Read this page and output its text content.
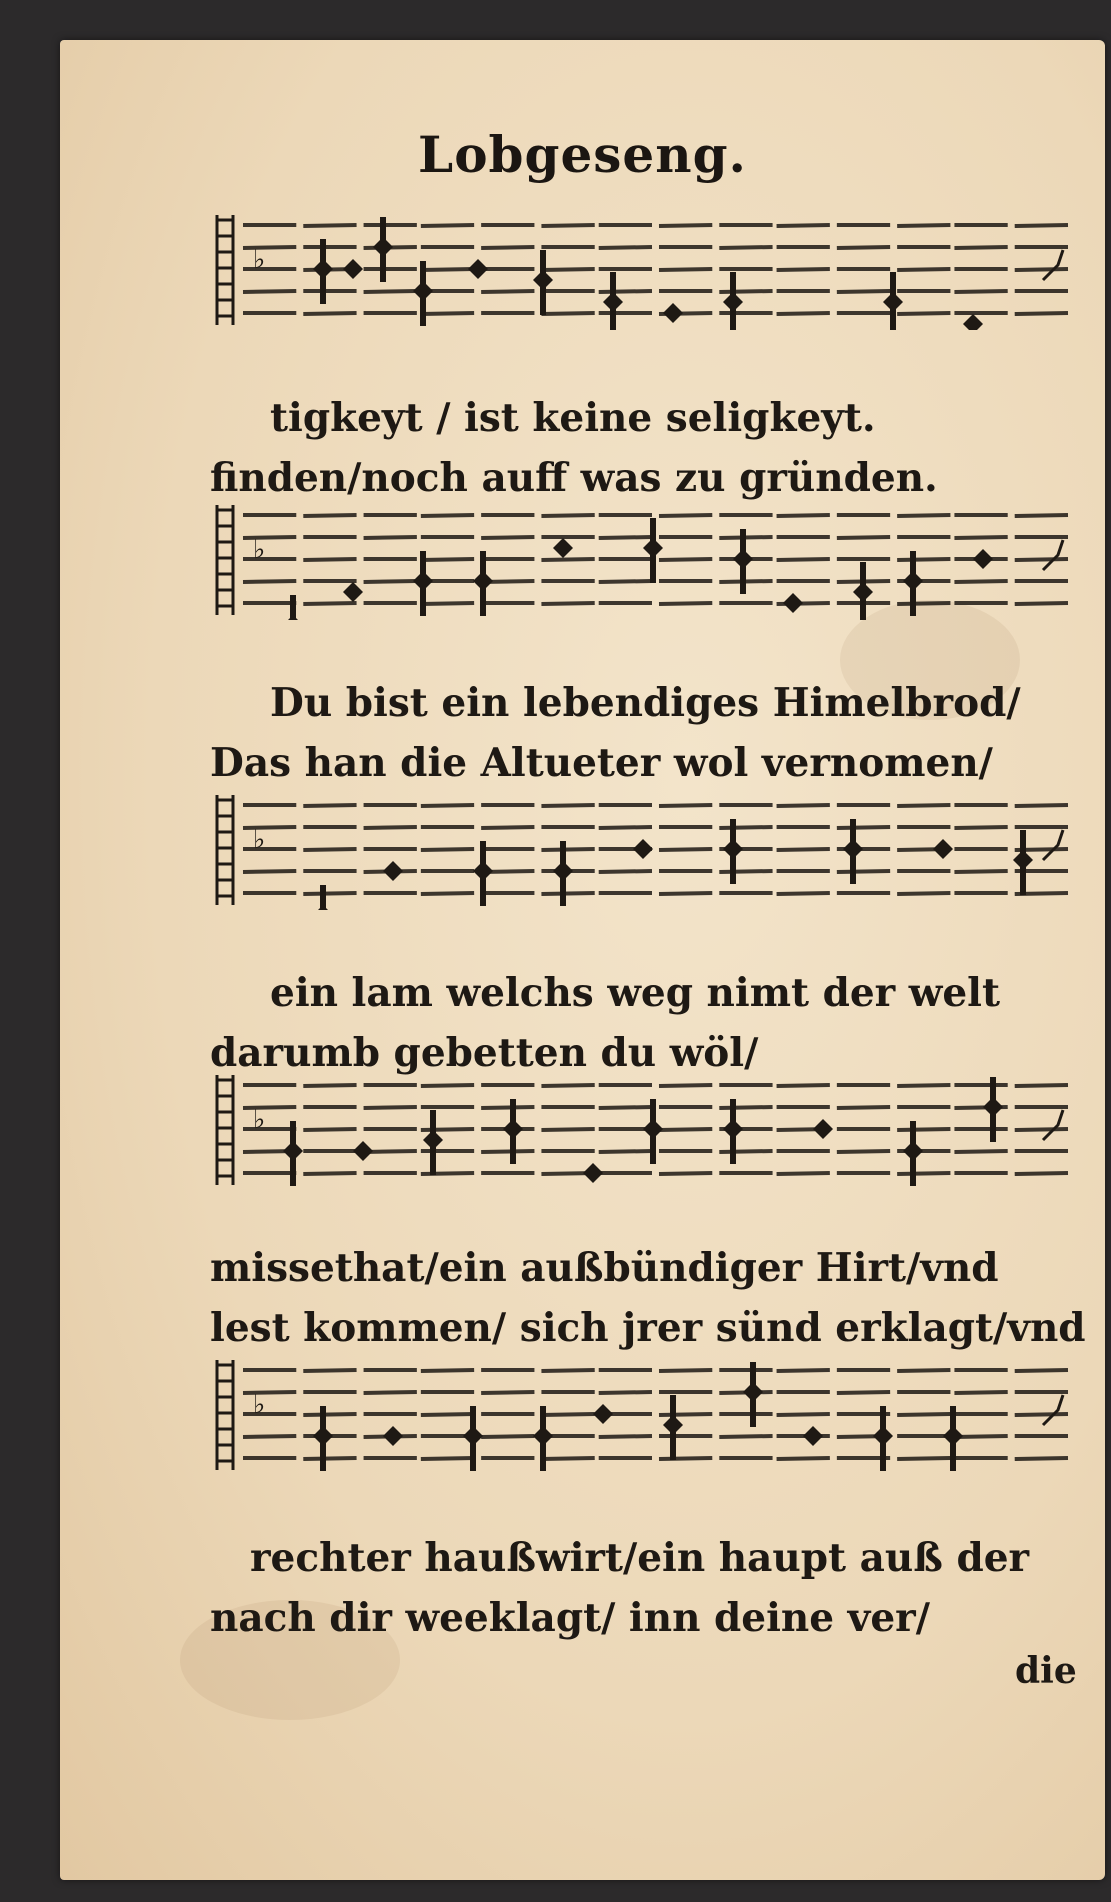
Lobgeseng.
♭
tigkeyt / ist keine seligkeyt.
finden/noch auff was zu gründen.
♭
Du bist ein lebendiges Himelbrod/
Das han die Altueter wol vernomen/
♭
ein lam welchs weg nimt der welt
darumb gebetten du wöl/
♭
missethat/ein außbündiger Hirt/vnd
lest kommen/ sich jrer sünd erklagt/vnd
♭
rechter haußwirt/ein haupt auß der
nach dir weeklagt/ inn deine ver/
die
